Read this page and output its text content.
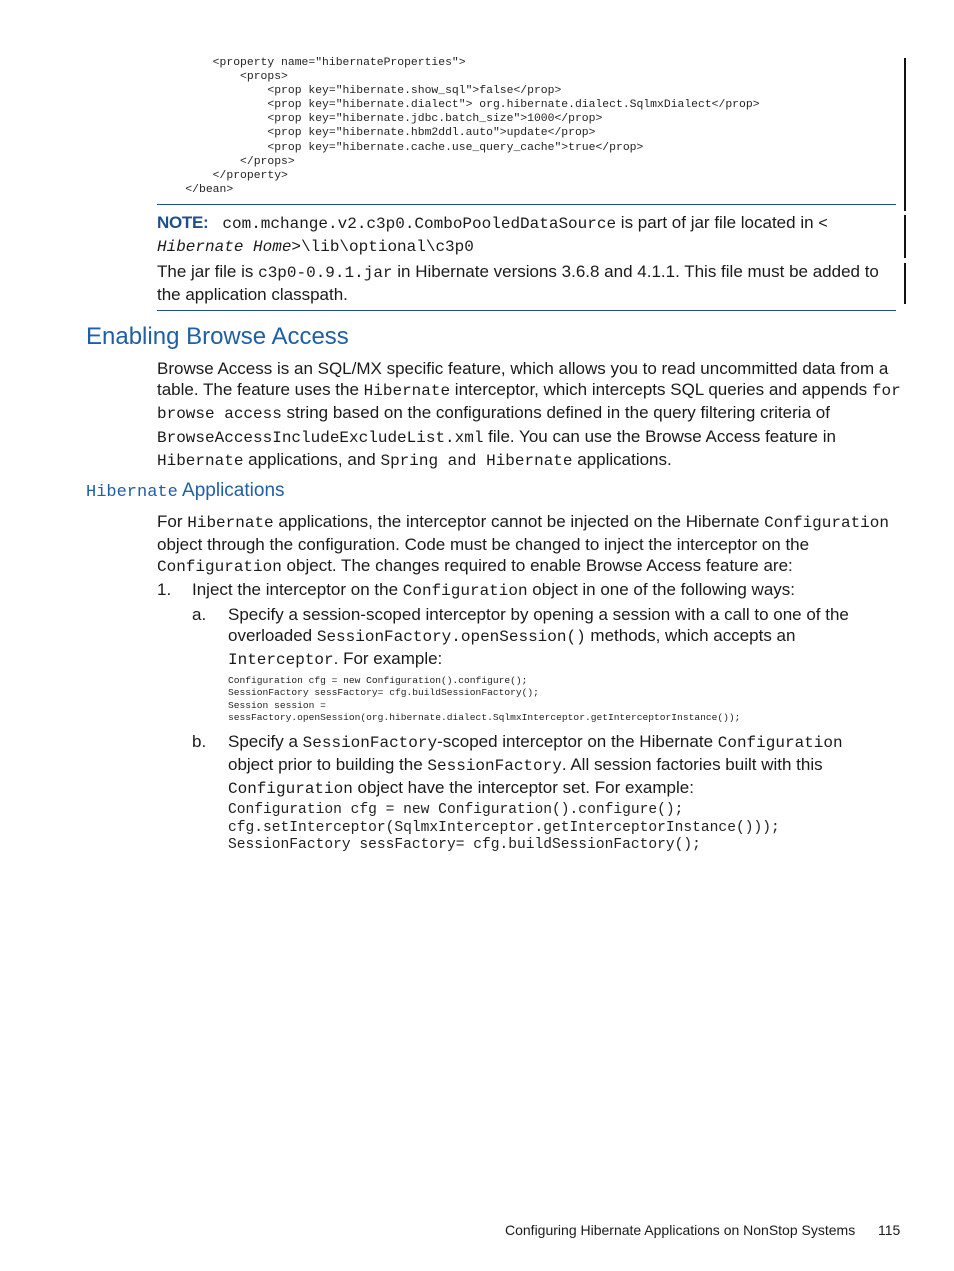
<property name="hibernateProperties">
<props>
<prop key="hibernate.show_sql">false</prop>
<prop key="hibernate.dialect"> org.hibernate.dialect.SqlmxDialect</prop>
<prop key="hibernate.jdbc.batch_size">1000</prop>
<prop key="hibernate.hbm2ddl.auto">update</prop>
<prop key="hibernate.cache.use_query_cache">true</prop>
</props>
</property>
</bean>

NOTE: com.mchange.v2.c3p0.ComboPooledDataSource is part of jar file located in <
Hibernate Home>\lib\optional\c3p0

The jar file is c3p0-0.9.1.jar in Hibernate versions 3.6.8 and 4.1.1. This file must be added to the application classpath.

Enabling Browse Access

Browse Access is an SQL/MX specific feature, which allows you to read uncommitted data from a table. The feature uses the Hibernate interceptor, which intercepts SQL queries and appends for browse access string based on the configurations defined in the query filtering criteria of BrowseAccessIncludeExcludeList.xml file. You can use the Browse Access feature in Hibernate applications, and Spring and Hibernate applications.

Hibernate Applications

For Hibernate applications, the interceptor cannot be injected on the Hibernate Configuration object through the configuration. Code must be changed to inject the interceptor on the Configuration object. The changes required to enable Browse Access feature are:

1. Inject the interceptor on the Configuration object in one of the following ways:

a. Specify a session-scoped interceptor by opening a session with a call to one of the overloaded SessionFactory.openSession() methods, which accepts an Interceptor. For example:

Configuration cfg = new Configuration().configure();
SessionFactory sessFactory= cfg.buildSessionFactory();
Session session =
sessFactory.openSession(org.hibernate.dialect.SqlmxInterceptor.getInterceptorInstance());
b. Specify a SessionFactory-scoped interceptor on the Hibernate Configuration object prior to building the SessionFactory. All session factories built with this Configuration object have the interceptor set. For example:

Configuration cfg = new Configuration().configure();
cfg.setInterceptor(SqlmxInterceptor.getInterceptorInstance()));
SessionFactory sessFactory= cfg.buildSessionFactory();
Configuring Hibernate Applications on NonStop Systems 115
